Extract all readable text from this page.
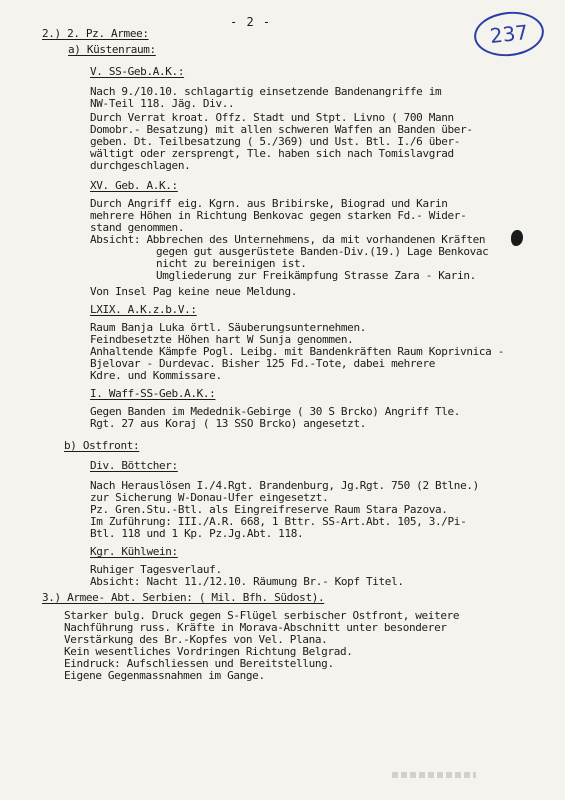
- 2 -	237
2.) 2. Pz. Armee:
a) Küstenraum:
V. SS-Geb.A.K.:
Nach 9./10.10. schlagartig einsetzende Bandenangriffe im
NW-Teil 118. Jäg. Div..
Durch Verrat kroat. Offz. Stadt und Stpt. Livno ( 700 Mann
Domobr.- Besatzung) mit allen schweren Waffen an Banden über-
geben. Dt. Teilbesatzung ( 5./369) und Ust. Btl. I./6 über-
wältigt oder zersprengt, Tle. haben sich nach Tomislavgrad
durchgeschlagen.
XV. Geb. A.K.:
Durch Angriff eig. Kgrn. aus Bribirske, Biograd und Karin
mehrere Höhen in Richtung Benkovac gegen starken Fd.- Wider-
stand genommen.
Absicht: Abbrechen des Unternehmens, da mit vorhandenen Kräften
gegen gut ausgerüstete Banden-Div.(19.) Lage Benkovac
nicht zu bereinigen ist.
Umgliederung zur Freikämpfung Strasse Zara - Karin.
Von Insel Pag keine neue Meldung.
LXIX. A.K.z.b.V.:
Raum Banja Luka örtl. Säuberungsunternehmen.
Feindbesetzte Höhen hart W Sunja genommen.
Anhaltende Kämpfe Pogl. Leibg. mit Bandenkräften Raum Koprivnica - Bjelovar - Durdevac. Bisher 125 Fd.-Tote, dabei mehrere
Kdre. und Kommissare.
I. Waff-SS-Geb.A.K.:
Gegen Banden im Medednik-Gebirge ( 30 S Brcko) Angriff Tle.
Rgt. 27 aus Koraj ( 13 SSO Brcko) angesetzt.
b) Ostfront:
Div. Böttcher:
Nach Herauslösen I./4.Rgt. Brandenburg, Jg.Rgt. 750 (2 Btlne.)
zur Sicherung W-Donau-Ufer eingesetzt.
Pz. Gren.Stu.-Btl. als Eingreifreserve Raum Stara Pazova.
Im Zuführung: III./A.R. 668, 1 Bttr. SS-Art.Abt. 105, 3./Pi-
Btl. 118 und 1 Kp. Pz.Jg.Abt. 118.
Kgr. Kühlwein:
Ruhiger Tagesverlauf.
Absicht: Nacht 11./12.10. Räumung Br.- Kopf Titel.
3.) Armee- Abt. Serbien: ( Mil. Bfh. Südost).
Starker bulg. Druck gegen S-Flügel serbischer Ostfront, weitere
Nachführung russ. Kräfte in Morava-Abschnitt unter besonderer
Verstärkung des Br.-Kopfes von Vel. Plana.
Kein wesentliches Vordringen Richtung Belgrad.
Eindruck: Aufschliessen und Bereitstellung.
Eigene Gegenmassnahmen im Gange.
